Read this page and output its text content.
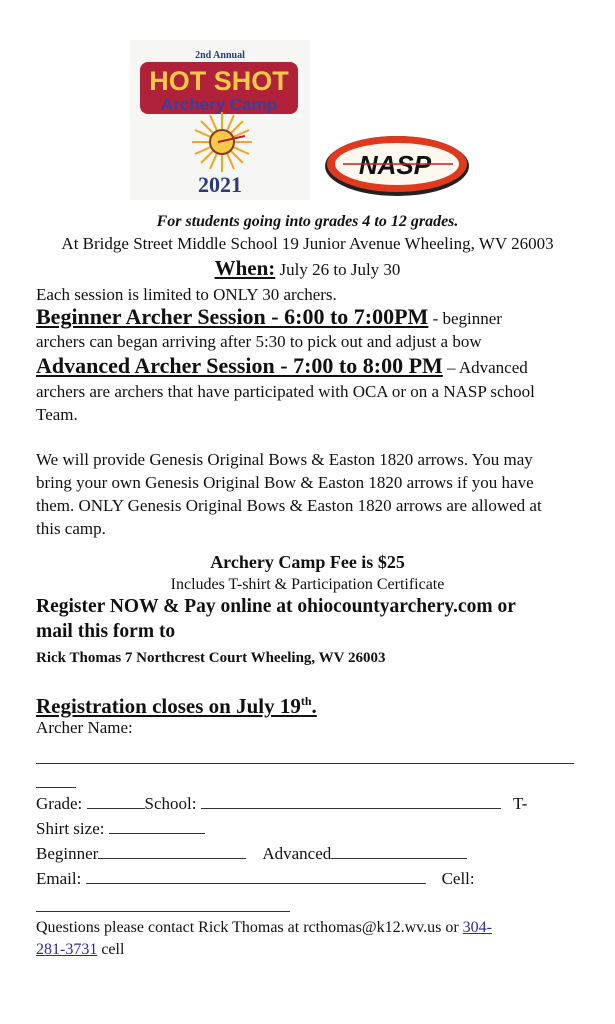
2nd Annual
HOT SHOT
Archery Camp
2021
NASP
For students going into grades 4 to 12 grades.
At Bridge Street Middle School 19 Junior Avenue Wheeling, WV 26003
When: July 26 to July 30
Each session is limited to ONLY 30 archers.
Beginner Archer Session - 6:00 to 7:00PM - beginner
archers can began arriving after 5:30 to pick out and adjust a bow
Advanced Archer Session - 7:00 to 8:00 PM – Advanced
archers are archers that have participated with OCA or on a NASP school
Team.
We will provide Genesis Original Bows & Easton 1820 arrows. You may
bring your own Genesis Original Bow & Easton 1820 arrows if you have
them. ONLY Genesis Original Bows & Easton 1820 arrows are allowed at
this camp.
Archery Camp Fee is $25
Includes T-shirt & Participation Certificate
Register NOW & Pay online at ohiocountyarchery.com or
mail this form to
Rick Thomas 7 Northcrest Court Wheeling, WV 26003
Registration closes on July 19th.
Archer Name:
Grade:	School:	T-
Shirt size:
Beginner	Advanced
Email:	Cell:
Questions please contact Rick Thomas at rcthomas@k12.wv.us or 304-
281-3731 cell
